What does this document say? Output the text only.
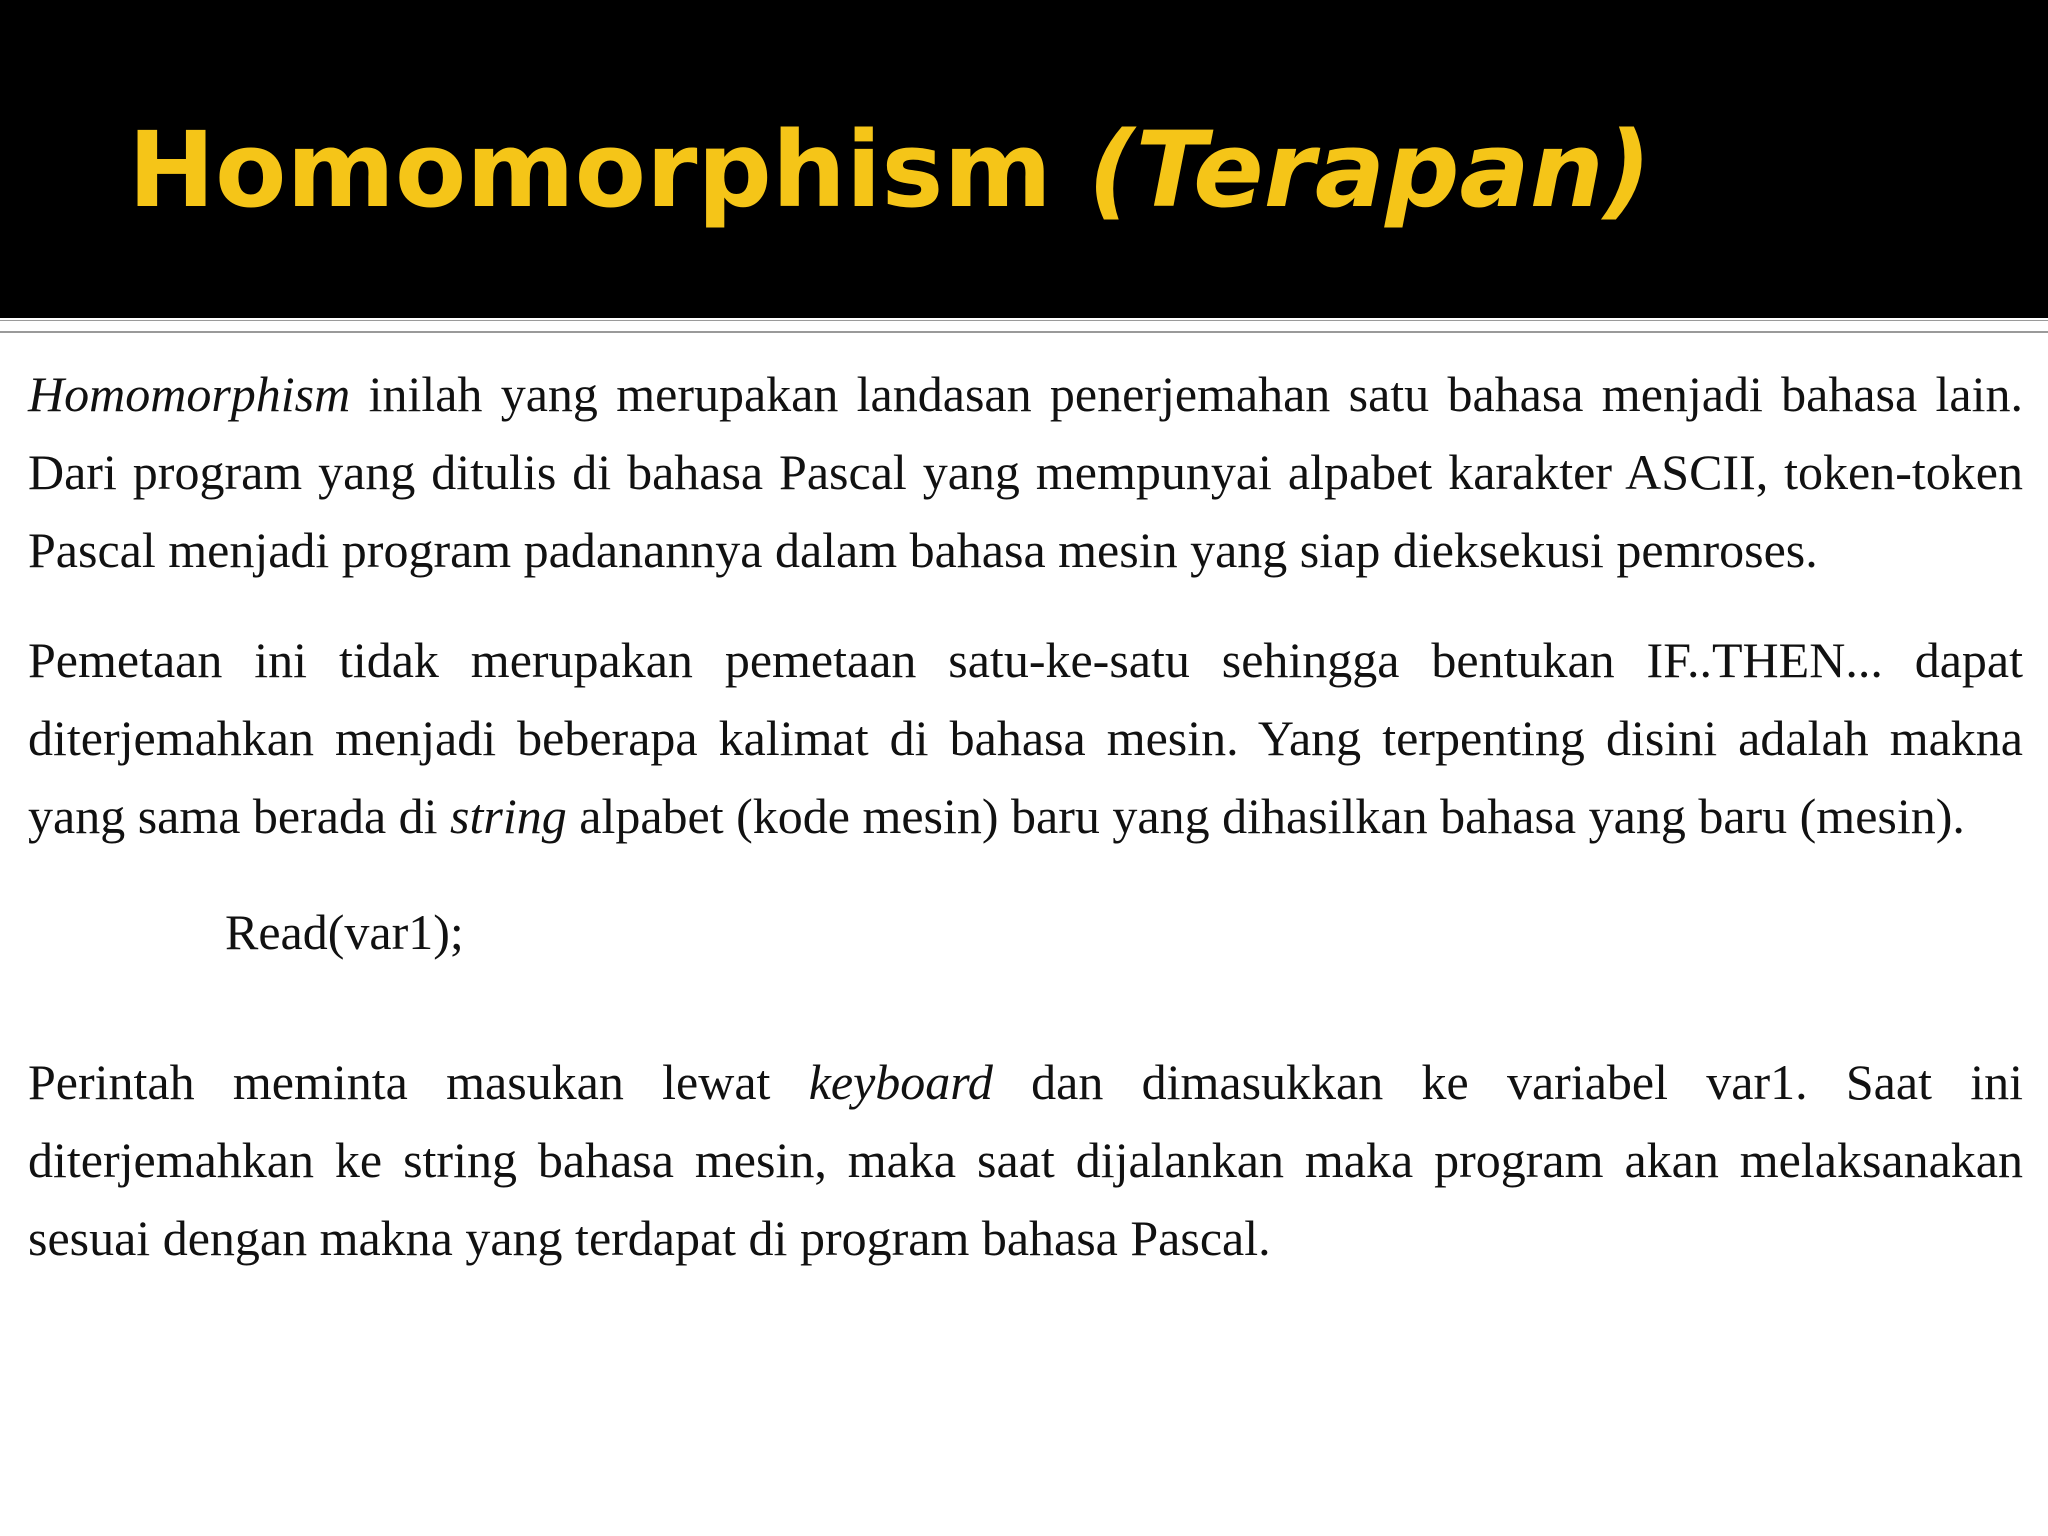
Homomorphism (Terapan)

Homomorphism inilah yang merupakan landasan penerjemahan satu bahasa menjadi bahasa lain. Dari program yang ditulis di bahasa Pascal yang mempunyai alpabet karakter ASCII, token-token Pascal menjadi program padanannya dalam bahasa mesin yang siap dieksekusi pemroses.

Pemetaan ini tidak merupakan pemetaan satu-ke-satu sehingga bentukan IF..THEN... dapat diterjemahkan menjadi beberapa kalimat di bahasa mesin. Yang terpenting disini adalah makna yang sama berada di string alpabet (kode mesin) baru yang dihasilkan bahasa yang baru (mesin).

Read(var1);

Perintah meminta masukan lewat keyboard dan dimasukkan ke variabel var1. Saat ini diterjemahkan ke string bahasa mesin, maka saat dijalankan maka program akan melaksanakan sesuai dengan makna yang terdapat di program bahasa Pascal.
